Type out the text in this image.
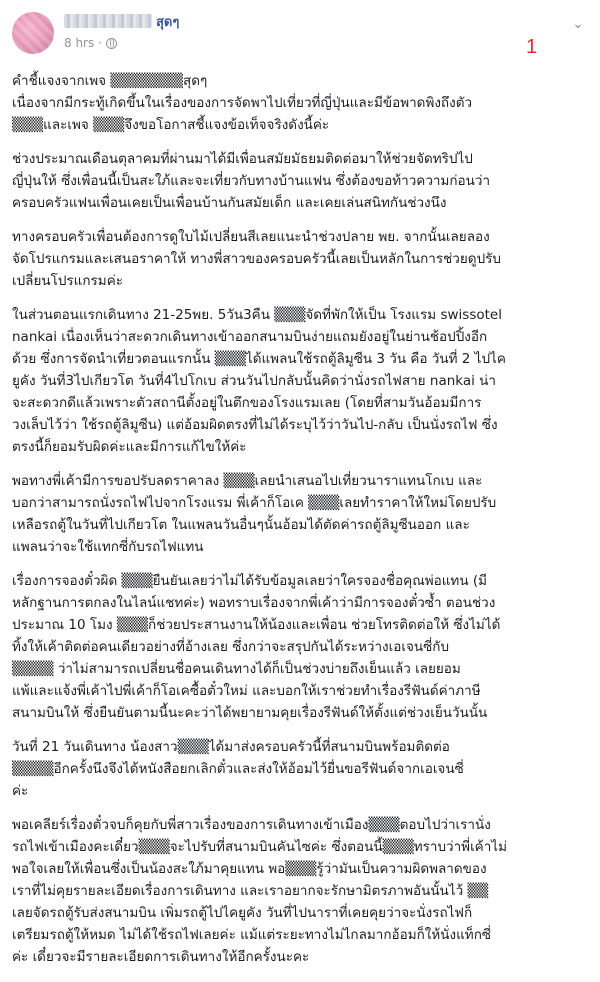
สุดๆ
8 hrs ·
⌄
1

คำชี้แจงจากเพจ ▒▒▒▒▒▒▒สุดๆ
เนื่องจากมีกระทู้เกิดขึ้นในเรื่องของการจัดพาไปเที่ยวที่ญี่ปุ่นและมีข้อพาดพิงถึงตัว
▒▒▒และเพจ ▒▒▒จึงขอโอกาสชี้แจงข้อเท็จจริงดังนี้ค่ะ

ช่วงประมาณเดือนตุลาคมที่ผ่านมาได้มีเพื่อนสมัยมัธยมติดต่อมาให้ช่วยจัดทริปไป
ญี่ปุ่นให้ ซึ่งเพื่อนนี้เป็นสะใภ้และจะเที่ยวกับทางบ้านแฟน ซึ่งต้องขอท้าวความก่อนว่า
ครอบครัวแฟนเพื่อนเคยเป็นเพื่อนบ้านกันสมัยเด็ก และเคยเล่นสนิทกันช่วงนึง

ทางครอบครัวเพื่อนต้องการดูใบไม้เปลี่ยนสีเลยแนะนำช่วงปลาย พย. จากนั้นเลยลอง
จัดโปรแกรมและเสนอราคาให้ ทางพี่สาวของครอบครัวนี้เลยเป็นหลักในการช่วยดูปรับ
เปลี่ยนโปรแกรมค่ะ

ในส่วนตอนแรกเดินทาง 21-25พย. 5วัน3คืน ▒▒▒จัดที่พักให้เป็น โรงแรม swissotel
nankai เนื่องเห็นว่าสะดวกเดินทางเข้าออกสนามบินง่ายแถมยังอยู่ในย่านช้อปปิ้งอีก
ด้วย ซึ่งการจัดนำเที่ยวตอนแรกนั้น ▒▒▒ได้แพลนใช้รถตู้ลิมูซีน 3 วัน คือ วันที่ 2 ไปไค
ยูคัง วันที่3ไปเกียวโต วันที่4ไปโกเบ ส่วนวันไปกลับนั้นคิดว่านั่งรถไฟสาย nankai น่า
จะสะดวกดีแล้วเพราะตัวสถานีตั้งอยู่ในตึกของโรงแรมเลย (โดยที่สามวันอ้อมมีการ
วงเล็บไว้ว่า ใช้รถตู้ลิมูซีน) แต่อ้อมผิดตรงที่ไม่ได้ระบุไว้ว่าวันไป-กลับ เป็นนั่งรถไฟ ซึ่ง
ตรงนี้ก็ยอมรับผิดค่ะและมีการแก้ไขให้ค่ะ

พอทางพี่เค้ามีการขอปรับลดราคาลง ▒▒▒เลยนำเสนอไปเที่ยวนาราแทนโกเบ และ
บอกว่าสามารถนั่งรถไฟไปจากโรงแรม พี่เค้าก็โอเค ▒▒▒เลยทำราคาให้ใหม่โดยปรับ
เหลือรถตู้ในวันที่ไปเกียวโต ในแพลนวันอื่นๆนั้นอ้อมได้ตัดค่ารถตู้ลิมูซีนออก และ
แพลนว่าจะใช้แทกซี่กับรถไฟแทน

เรื่องการจองตั๋วผิด ▒▒▒ยืนยันเลยว่าไม่ได้รับข้อมูลเลยว่าใครจองชื่อคุณพ่อแทน (มี
หลักฐานการตกลงในไลน์แชทค่ะ) พอทราบเรื่องจากพี่เค้าว่ามีการจองตั๋วซ้ำ ตอนช่วง
ประมาณ 10 โมง ▒▒▒ก็ช่วยประสานงานให้น้องและเพื่อน ช่วยโทรติดต่อให้ ซึ่งไม่ได้
ทิ้งให้เค้าติดต่อคนเดียวอย่างที่อ้างเลย ซึ่งกว่าจะสรุปกันได้ระหว่างเอเจนซี่กับ
▒▒▒▒ ว่าไม่สามารถเปลี่ยนชื่อคนเดินทางได้ก็เป็นช่วงบ่ายถึงเย็นแล้ว เลยยอม
แพ้และแจ้งพี่เค้าไปพี่เค้าก็โอเคซื้อตั๋วใหม่ และบอกให้เราช่วยทำเรื่องรีฟันด์ค่าภาษี
สนามบินให้ ซึ่งยืนยันตามนี้นะคะว่าได้พยายามคุยเรื่องรีฟันด์ให้ตั้งแต่ช่วงเย็นวันนั้น

วันที่ 21 วันเดินทาง น้องสาว▒▒▒ได้มาส่งครอบครัวนี้ที่สนามบินพร้อมติดต่อ
▒▒▒▒อีกครั้งนึงจึงได้หนังสือยกเลิกตั๋วและส่งให้อ้อมไว้ยื่นขอรีฟันด์จากเอเจนซี่
ค่ะ

พอเคลียร์เรื่องตั๋วจบก็คุยกับพี่สาวเรื่องของการเดินทางเข้าเมือง▒▒▒ตอบไปว่าเรานั่ง
รถไฟเข้าเมืองคะเดี๋ยว▒▒▒จะไปรับที่สนามบินคันไซค่ะ ซึ่งตอนนี้▒▒▒ทราบว่าพี่เค้าไม่
พอใจเลยให้เพื่อนซึ่งเป็นน้องสะใภ้มาคุยแทน พอ▒▒▒รู้ว่ามันเป็นความผิดพลาดของ
เราที่ไม่คุยรายละเอียดเรื่องการเดินทาง และเราอยากจะรักษามิตรภาพอันนั้นไว้ ▒▒
เลยจัดรถตู้รับส่งสนามบิน เพิ่มรถตู้ไปไคยูคัง วันที่ไปนาราที่เคยคุยว่าจะนั่งรถไฟก็
เตรียมรถตู้ให้หมด ไม่ได้ใช้รถไฟเลยค่ะ แม้แต่ระยะทางไม่ไกลมากอ้อมก็ให้นั่งแท็กซี่
ค่ะ เดี๋ยวจะมีรายละเอียดการเดินทางให้อีกครั้งนะคะ
